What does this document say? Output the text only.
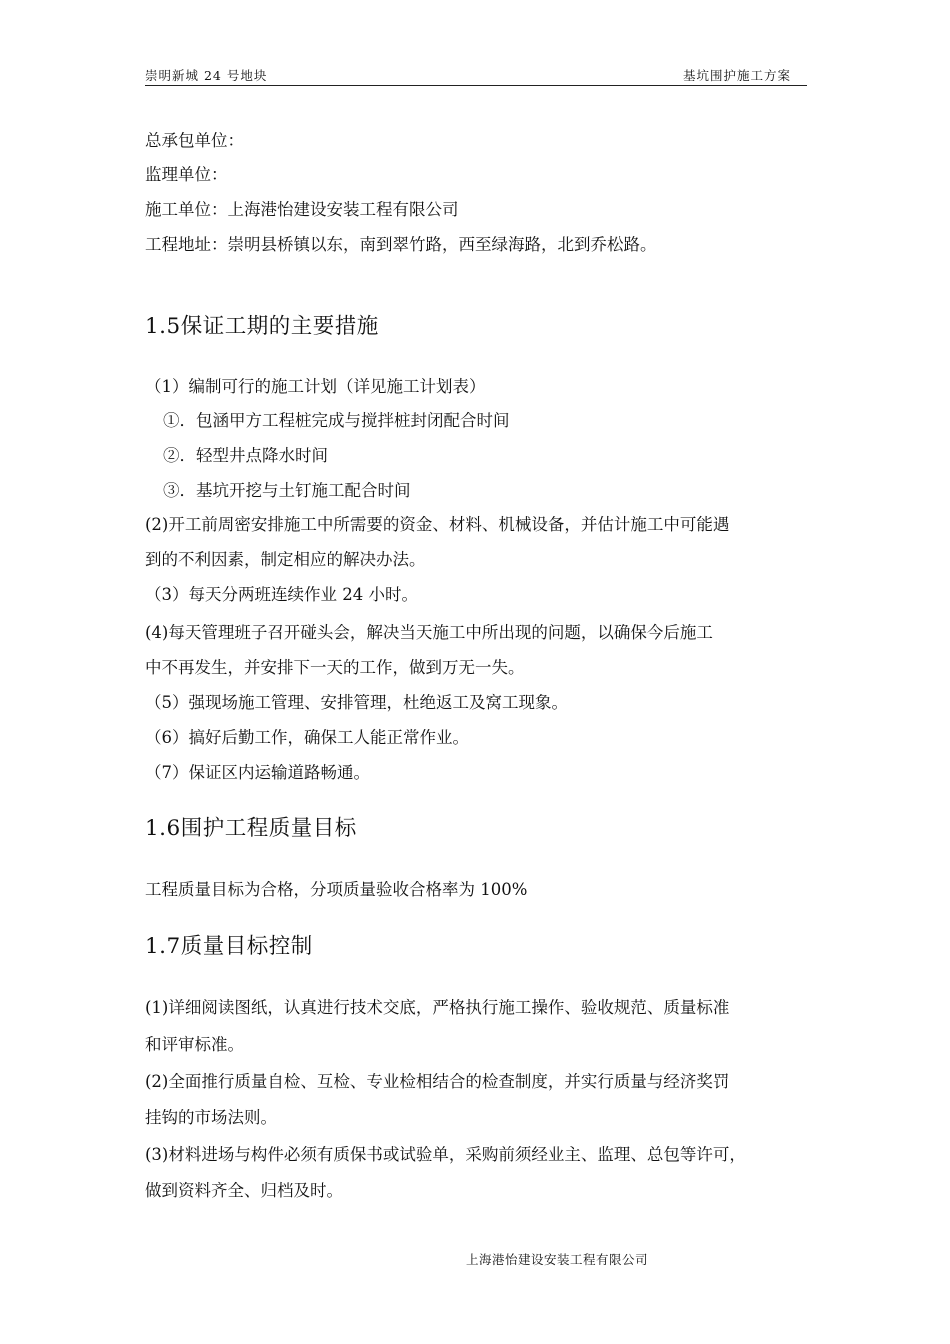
崇明新城 24 号地块	基坑围护施工方案
总承包单位：
监理单位：
施工单位：上海港怡建设安装工程有限公司
工程地址：崇明县桥镇以东，南到翠竹路，西至绿海路，北到乔松路。
1.5保证工期的主要措施
（1）编制可行的施工计划（详见施工计划表）
①．包涵甲方工程桩完成与搅拌桩封闭配合时间
②．轻型井点降水时间
③．基坑开挖与土钉施工配合时间
(2)开工前周密安排施工中所需要的资金、材料、机械设备，并估计施工中可能遇
到的不利因素，制定相应的解决办法。
（3）每天分两班连续作业 24 小时。
(4)每天管理班子召开碰头会，解决当天施工中所出现的问题，以确保今后施工
中不再发生，并安排下一天的工作，做到万无一失。
（5）强现场施工管理、安排管理，杜绝返工及窝工现象。
（6）搞好后勤工作，确保工人能正常作业。
（7）保证区内运输道路畅通。
1.6围护工程质量目标
工程质量目标为合格，分项质量验收合格率为 100%
1.7质量目标控制
(1)详细阅读图纸，认真进行技术交底，严格执行施工操作、验收规范、质量标准
和评审标准。
(2)全面推行质量自检、互检、专业检相结合的检查制度，并实行质量与经济奖罚
挂钩的市场法则。
(3)材料进场与构件必须有质保书或试验单，采购前须经业主、监理、总包等许可，
做到资料齐全、归档及时。
上海港怡建设安装工程有限公司
